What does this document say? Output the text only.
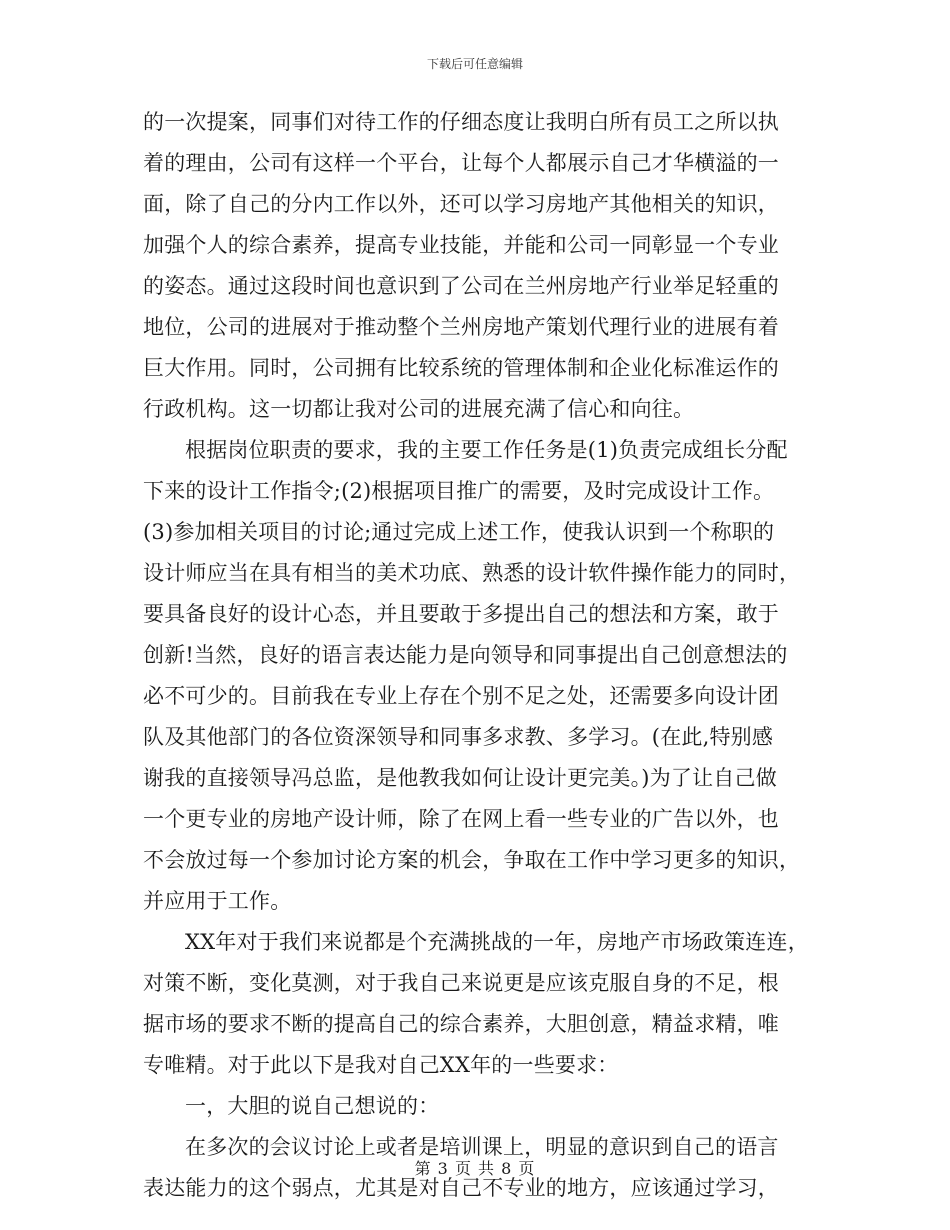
下载后可任意编辑
的一次提案，同事们对待工作的仔细态度让我明白所有员工之所以执
着的理由，公司有这样一个平台，让每个人都展示自己才华横溢的一
面，除了自己的分内工作以外，还可以学习房地产其他相关的知识，
加强个人的综合素养，提高专业技能，并能和公司一同彰显一个专业
的姿态。通过这段时间也意识到了公司在兰州房地产行业举足轻重的
地位，公司的进展对于推动整个兰州房地产策划代理行业的进展有着
巨大作用。同时，公司拥有比较系统的管理体制和企业化标准运作的
行政机构。这一切都让我对公司的进展充满了信心和向往。
根据岗位职责的要求，我的主要工作任务是(1)负责完成组长分配
下来的设计工作指令;(2)根据项目推广的需要，及时完成设计工作。
(3)参加相关项目的讨论;通过完成上述工作，使我认识到一个称职的
设计师应当在具有相当的美术功底、熟悉的设计软件操作能力的同时，
要具备良好的设计心态，并且要敢于多提出自己的想法和方案，敢于
创新!当然，良好的语言表达能力是向领导和同事提出自己创意想法的
必不可少的。目前我在专业上存在个别不足之处，还需要多向设计团
队及其他部门的各位资深领导和同事多求教、多学习。(在此,特别感
谢我的直接领导冯总监，是他教我如何让设计更完美。)为了让自己做
一个更专业的房地产设计师，除了在网上看一些专业的广告以外，也
不会放过每一个参加讨论方案的机会，争取在工作中学习更多的知识，
并应用于工作。
XX年对于我们来说都是个充满挑战的一年，房地产市场政策连连，
对策不断，变化莫测，对于我自己来说更是应该克服自身的不足，根
据市场的要求不断的提高自己的综合素养，大胆创意，精益求精，唯
专唯精。对于此以下是我对自己XX年的一些要求：
一，大胆的说自己想说的：
在多次的会议讨论上或者是培训课上，明显的意识到自己的语言
表达能力的这个弱点，尤其是对自己不专业的地方，应该通过学习，
第 3 页 共 8 页
